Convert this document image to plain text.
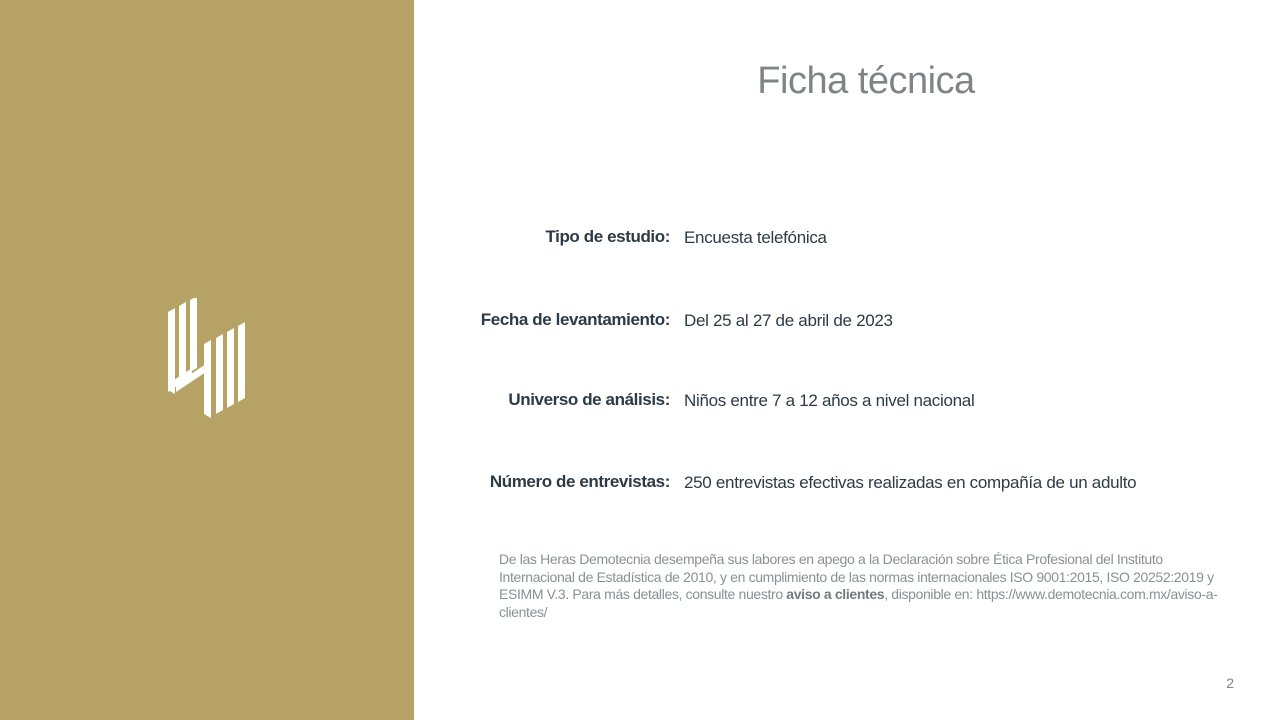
Ficha técnica
Tipo de estudio: Encuesta telefónica
Fecha de levantamiento: Del 25 al 27 de abril de 2023
Universo de análisis: Niños entre 7 a 12 años a nivel nacional
Número de entrevistas: 250 entrevistas efectivas realizadas en compañía de un adulto

De las Heras Demotecnia desempeña sus labores en apego a la Declaración sobre Ética Profesional del Instituto Internacional de Estadística de 2010, y en cumplimiento de las normas internacionales ISO 9001:2015, ISO 20252:2019 y ESIMM V.3. Para más detalles, consulte nuestro aviso a clientes, disponible en: https://www.demotecnia.com.mx/aviso-a-clientes/

2
